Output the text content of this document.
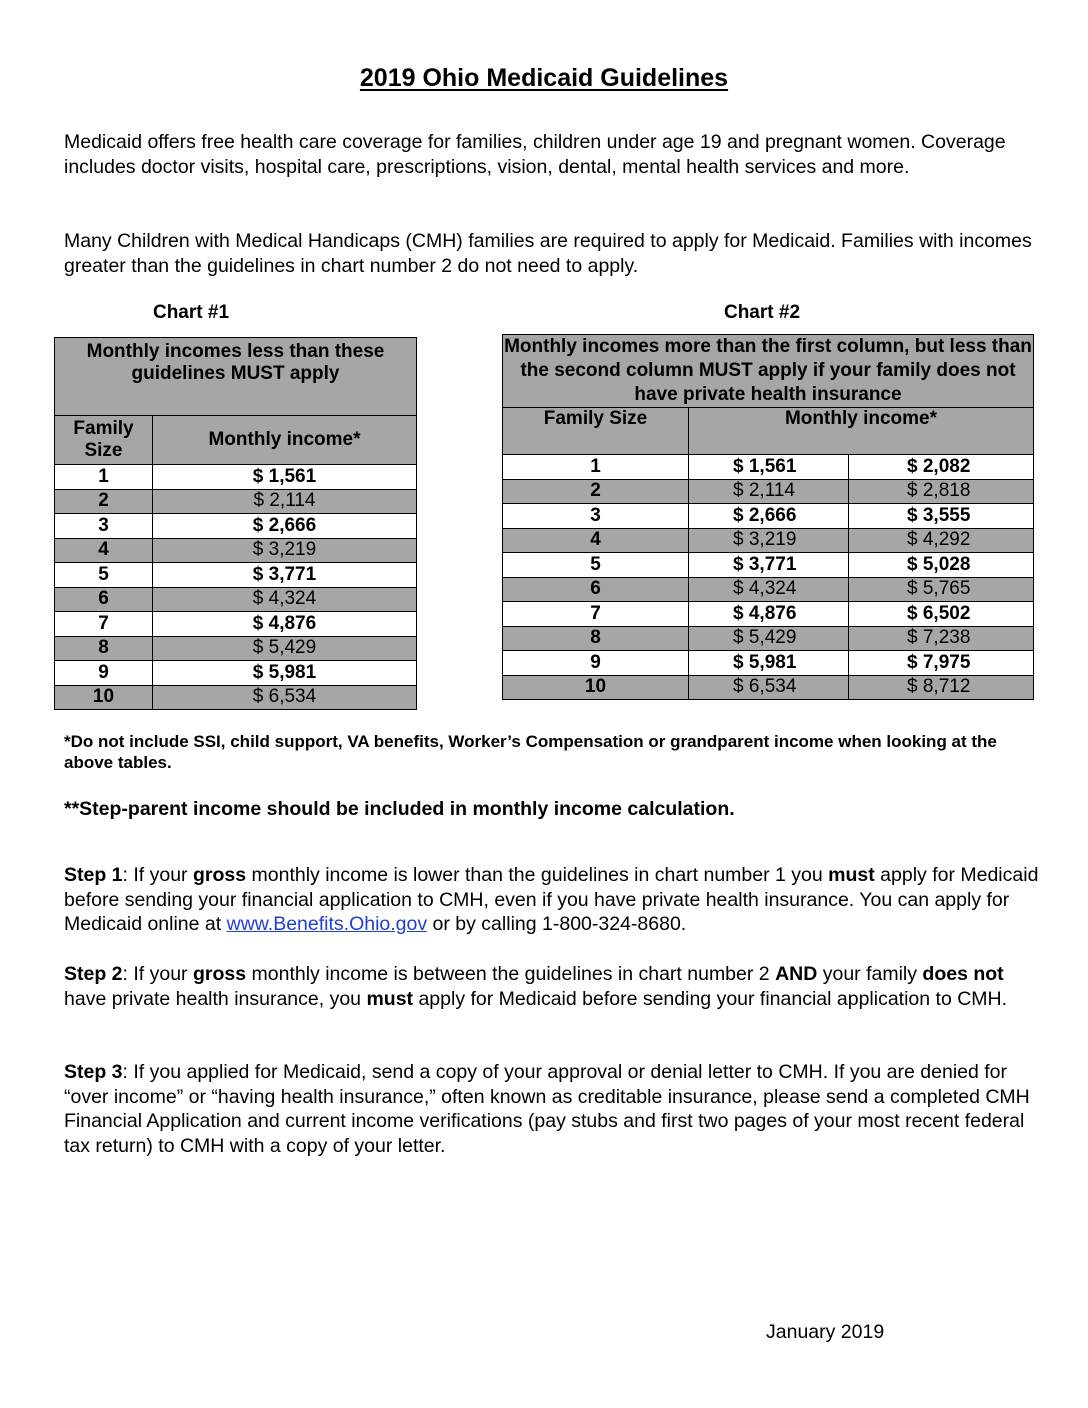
2019 Ohio Medicaid Guidelines
Medicaid offers free health care coverage for families, children under age 19 and pregnant women. Coverage includes doctor visits, hospital care, prescriptions, vision, dental, mental health services and more.
Many Children with Medical Handicaps (CMH) families are required to apply for Medicaid. Families with incomes greater than the guidelines in chart number 2 do not need to apply.
Chart #1	Chart #2
Monthly incomes less than these guidelines MUST apply	
Family Size	Monthly income*
1	$ 1,561
2	$ 2,114
3	$ 2,666
4	$ 3,219
5	$ 3,771
6	$ 4,324
7	$ 4,876
8	$ 5,429
9	$ 5,981
10	$ 6,534
Monthly incomes more than the first column, but less than the second column MUST apply if your family does not have private health insurance		
Family Size	Monthly income*	
1	$ 1,561	$ 2,082
2	$ 2,114	$ 2,818
3	$ 2,666	$ 3,555
4	$ 3,219	$ 4,292
5	$ 3,771	$ 5,028
6	$ 4,324	$ 5,765
7	$ 4,876	$ 6,502
8	$ 5,429	$ 7,238
9	$ 5,981	$ 7,975
10	$ 6,534	$ 8,712
*Do not include SSI, child support, VA benefits, Worker’s Compensation or grandparent income when looking at the above tables.
**Step-parent income should be included in monthly income calculation.
Step 1: If your gross monthly income is lower than the guidelines in chart number 1 you must apply for Medicaid before sending your financial application to CMH, even if you have private health insurance. You can apply for Medicaid online at www.Benefits.Ohio.gov or by calling 1-800-324-8680.
Step 2: If your gross monthly income is between the guidelines in chart number 2 AND your family does not have private health insurance, you must apply for Medicaid before sending your financial application to CMH.
Step 3: If you applied for Medicaid, send a copy of your approval or denial letter to CMH. If you are denied for “over income” or “having health insurance,” often known as creditable insurance, please send a completed CMH Financial Application and current income verifications (pay stubs and first two pages of your most recent federal tax return) to CMH with a copy of your letter.
January 2019
